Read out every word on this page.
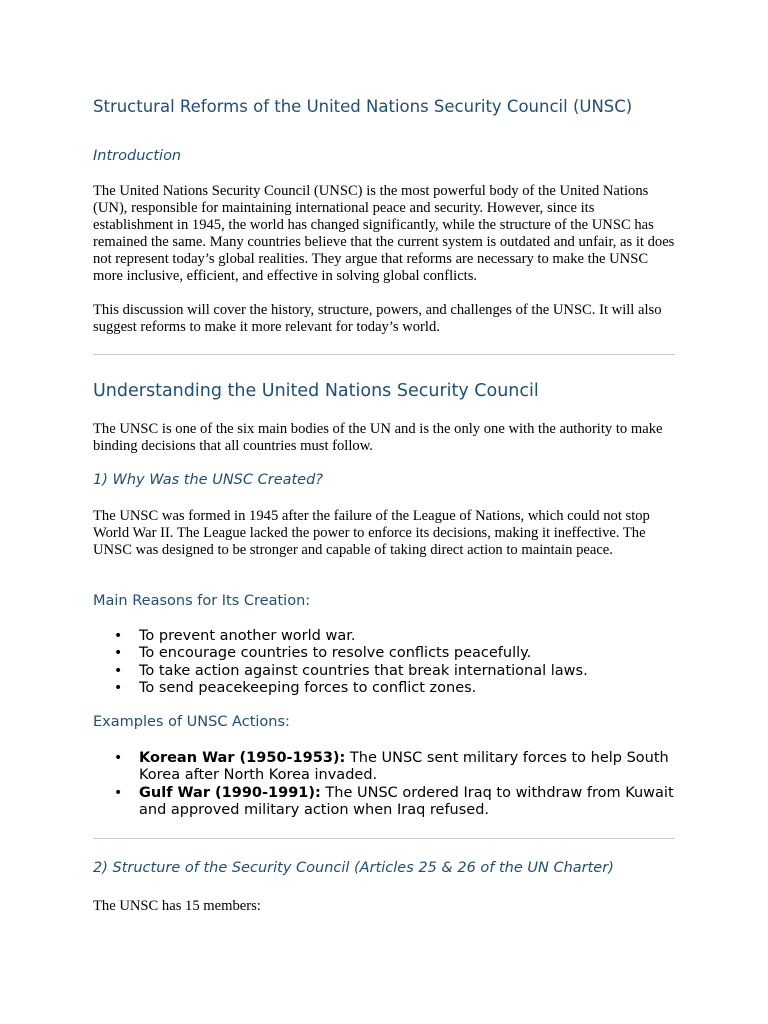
Structural Reforms of the United Nations Security Council (UNSC)
Introduction

The United Nations Security Council (UNSC) is the most powerful body of the United Nations (UN), responsible for maintaining international peace and security. However, since its establishment in 1945, the world has changed significantly, while the structure of the UNSC has remained the same. Many countries believe that the current system is outdated and unfair, as it does not represent today’s global realities. They argue that reforms are necessary to make the UNSC more inclusive, efficient, and effective in solving global conflicts.

This discussion will cover the history, structure, powers, and challenges of the UNSC. It will also suggest reforms to make it more relevant for today’s world.

Understanding the United Nations Security Council

The UNSC is one of the six main bodies of the UN and is the only one with the authority to make binding decisions that all countries must follow.

1) Why Was the UNSC Created?

The UNSC was formed in 1945 after the failure of the League of Nations, which could not stop World War II. The League lacked the power to enforce its decisions, making it ineffective. The UNSC was designed to be stronger and capable of taking direct action to maintain peace.

Main Reasons for Its Creation:
• To prevent another world war.
• To encourage countries to resolve conflicts peacefully.
• To take action against countries that break international laws.
• To send peacekeeping forces to conflict zones.
Examples of UNSC Actions:
• Korean War (1950-1953): The UNSC sent military forces to help South Korea after North Korea invaded.
• Gulf War (1990-1991): The UNSC ordered Iraq to withdraw from Kuwait and approved military action when Iraq refused.
2) Structure of the Security Council (Articles 25 & 26 of the UN Charter)

The UNSC has 15 members:
